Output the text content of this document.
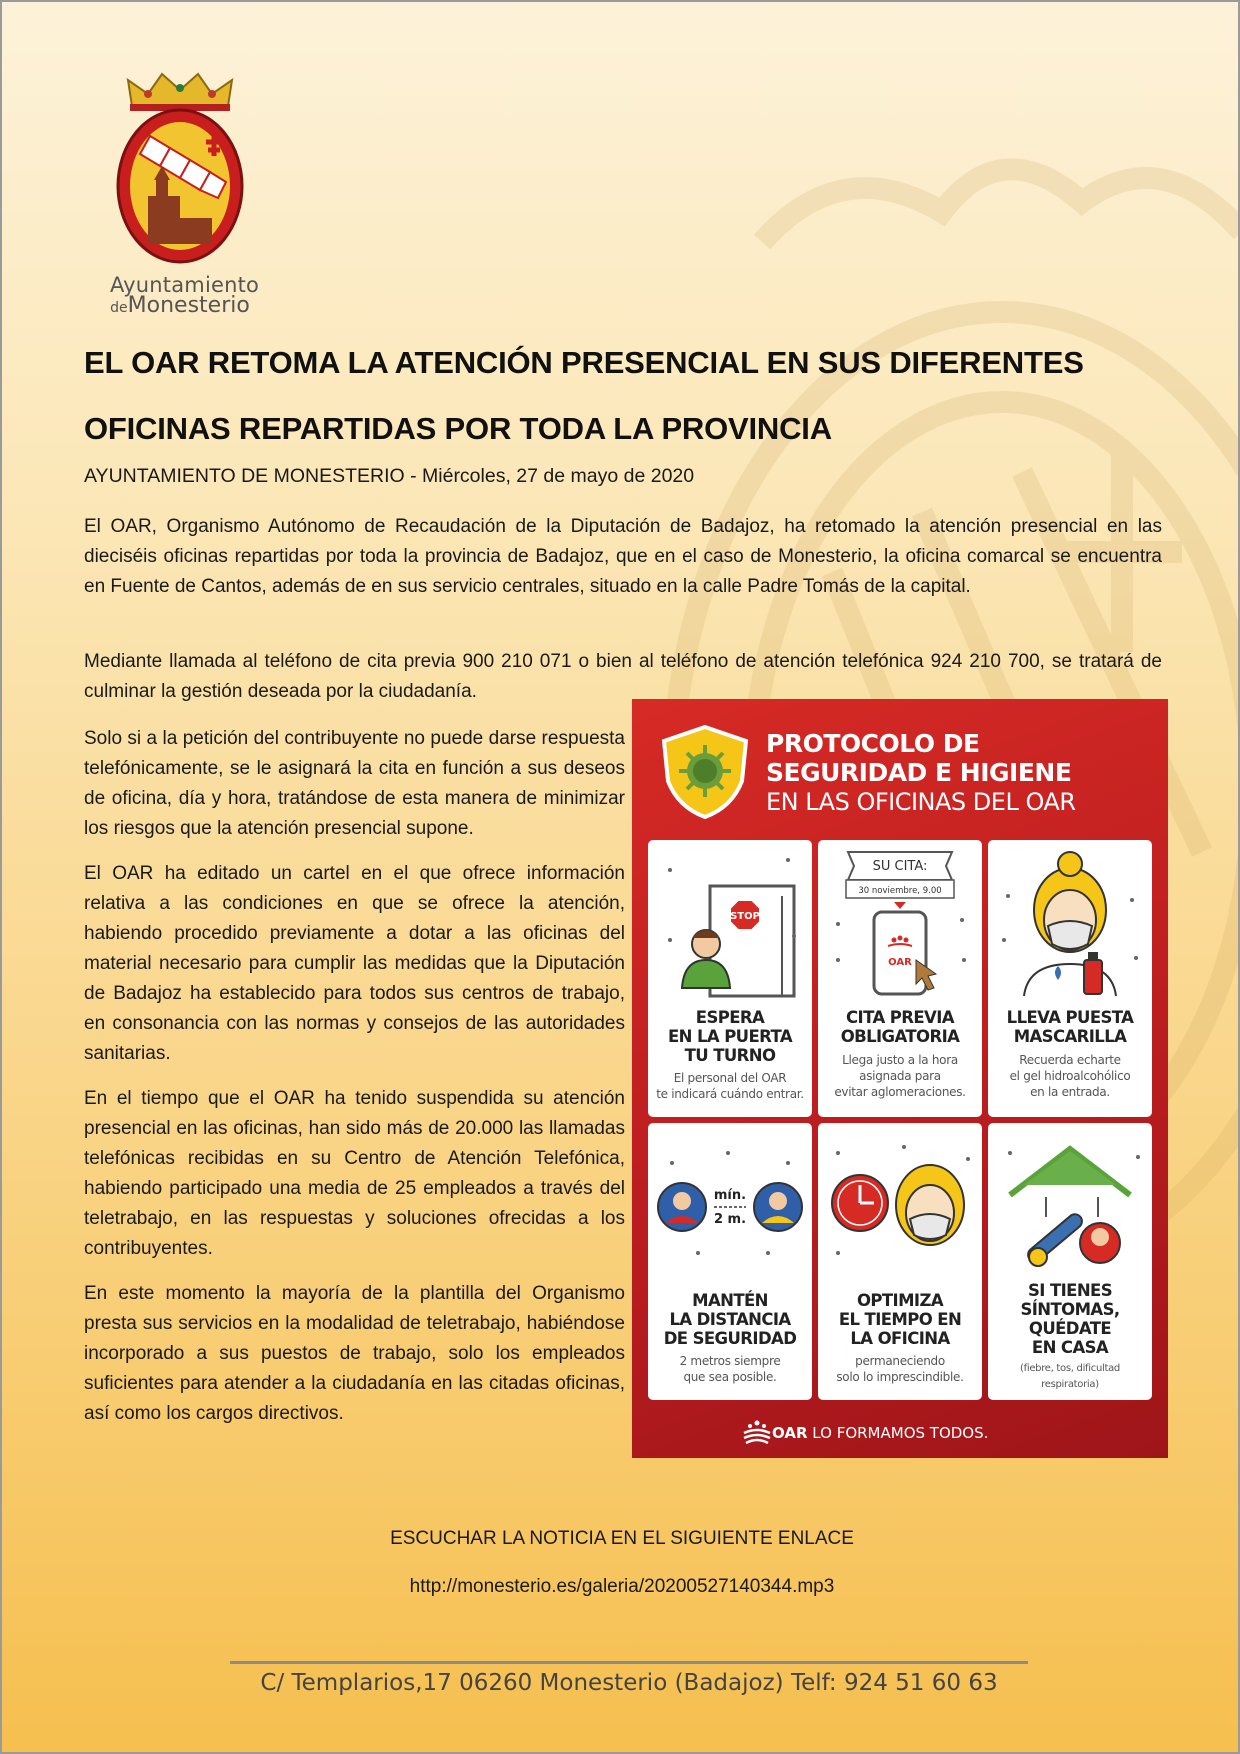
Ayuntamiento
deMonesterio
EL OAR RETOMA LA ATENCIÓN PRESENCIAL EN SUS DIFERENTES OFICINAS REPARTIDAS POR TODA LA PROVINCIA

AYUNTAMIENTO DE MONESTERIO - Miércoles, 27 de mayo de 2020

El OAR, Organismo Autónomo de Recaudación de la Diputación de Badajoz, ha retomado la atención presencial en las dieciséis oficinas repartidas por toda la provincia de Badajoz, que en el caso de Monesterio, la oficina comarcal se encuentra en Fuente de Cantos, además de en sus servicio centrales, situado en la calle Padre Tomás de la capital.

Mediante llamada al teléfono de cita previa 900 210 071 o bien al teléfono de atención telefónica 924 210 700, se tratará de culminar la gestión deseada por la ciudadanía.

Solo si a la petición del contribuyente no puede darse respuesta telefónicamente, se le asignará la cita en función a sus deseos de oficina, día y hora, tratándose de esta manera de minimizar los riesgos que la atención presencial supone.

El OAR ha editado un cartel en el que ofrece información relativa a las condiciones en que se ofrece la atención, habiendo procedido previamente a dotar a las oficinas del material necesario para cumplir las medidas que la Diputación de Badajoz ha establecido para todos sus centros de trabajo, en consonancia con las normas y consejos de las autoridades sanitarias.

En el tiempo que el OAR ha tenido suspendida su atención presencial en las oficinas, han sido más de 20.000 las llamadas telefónicas recibidas en su Centro de Atención Telefónica, habiendo participado una media de 25 empleados a través del teletrabajo, en las respuestas y soluciones ofrecidas a los contribuyentes.

En este momento la mayoría de la plantilla del Organismo presta sus servicios en la modalidad de teletrabajo, habiéndose incorporado a sus puestos de trabajo, solo los empleados suficientes para atender a la ciudadanía en las citadas oficinas, así como los cargos directivos.

PROTOCOLO DE
SEGURIDAD E HIGIENE
EN LAS OFICINAS DEL OAR
STOP
ESPERA
EN LA PUERTA
TU TURNO
El personal del OAR
te indicará cuándo entrar.
SU CITA:
30 noviembre, 9.00
OAR
CITA PREVIA
OBLIGATORIA
Llega justo a la hora
asignada para
evitar aglomeraciones.
LLEVA PUESTA
MASCARILLA
Recuerda echarte
el gel hidroalcohólico
en la entrada.
mín.
2 m.
MANTÉN
LA DISTANCIA
DE SEGURIDAD
2 metros siempre
que sea posible.
OPTIMIZA
EL TIEMPO EN
LA OFICINA
permaneciendo
solo lo imprescindible.
SI TIENES
SÍNTOMAS,
QUÉDATE
EN CASA
(fiebre, tos, dificultad respiratoria)
OAR LO FORMAMOS TODOS.

ESCUCHAR LA NOTICIA EN EL SIGUIENTE ENLACE

http://monesterio.es/galeria/20200527140344.mp3

C/ Templarios,17 06260 Monesterio (Badajoz) Telf: 924 51 60 63
